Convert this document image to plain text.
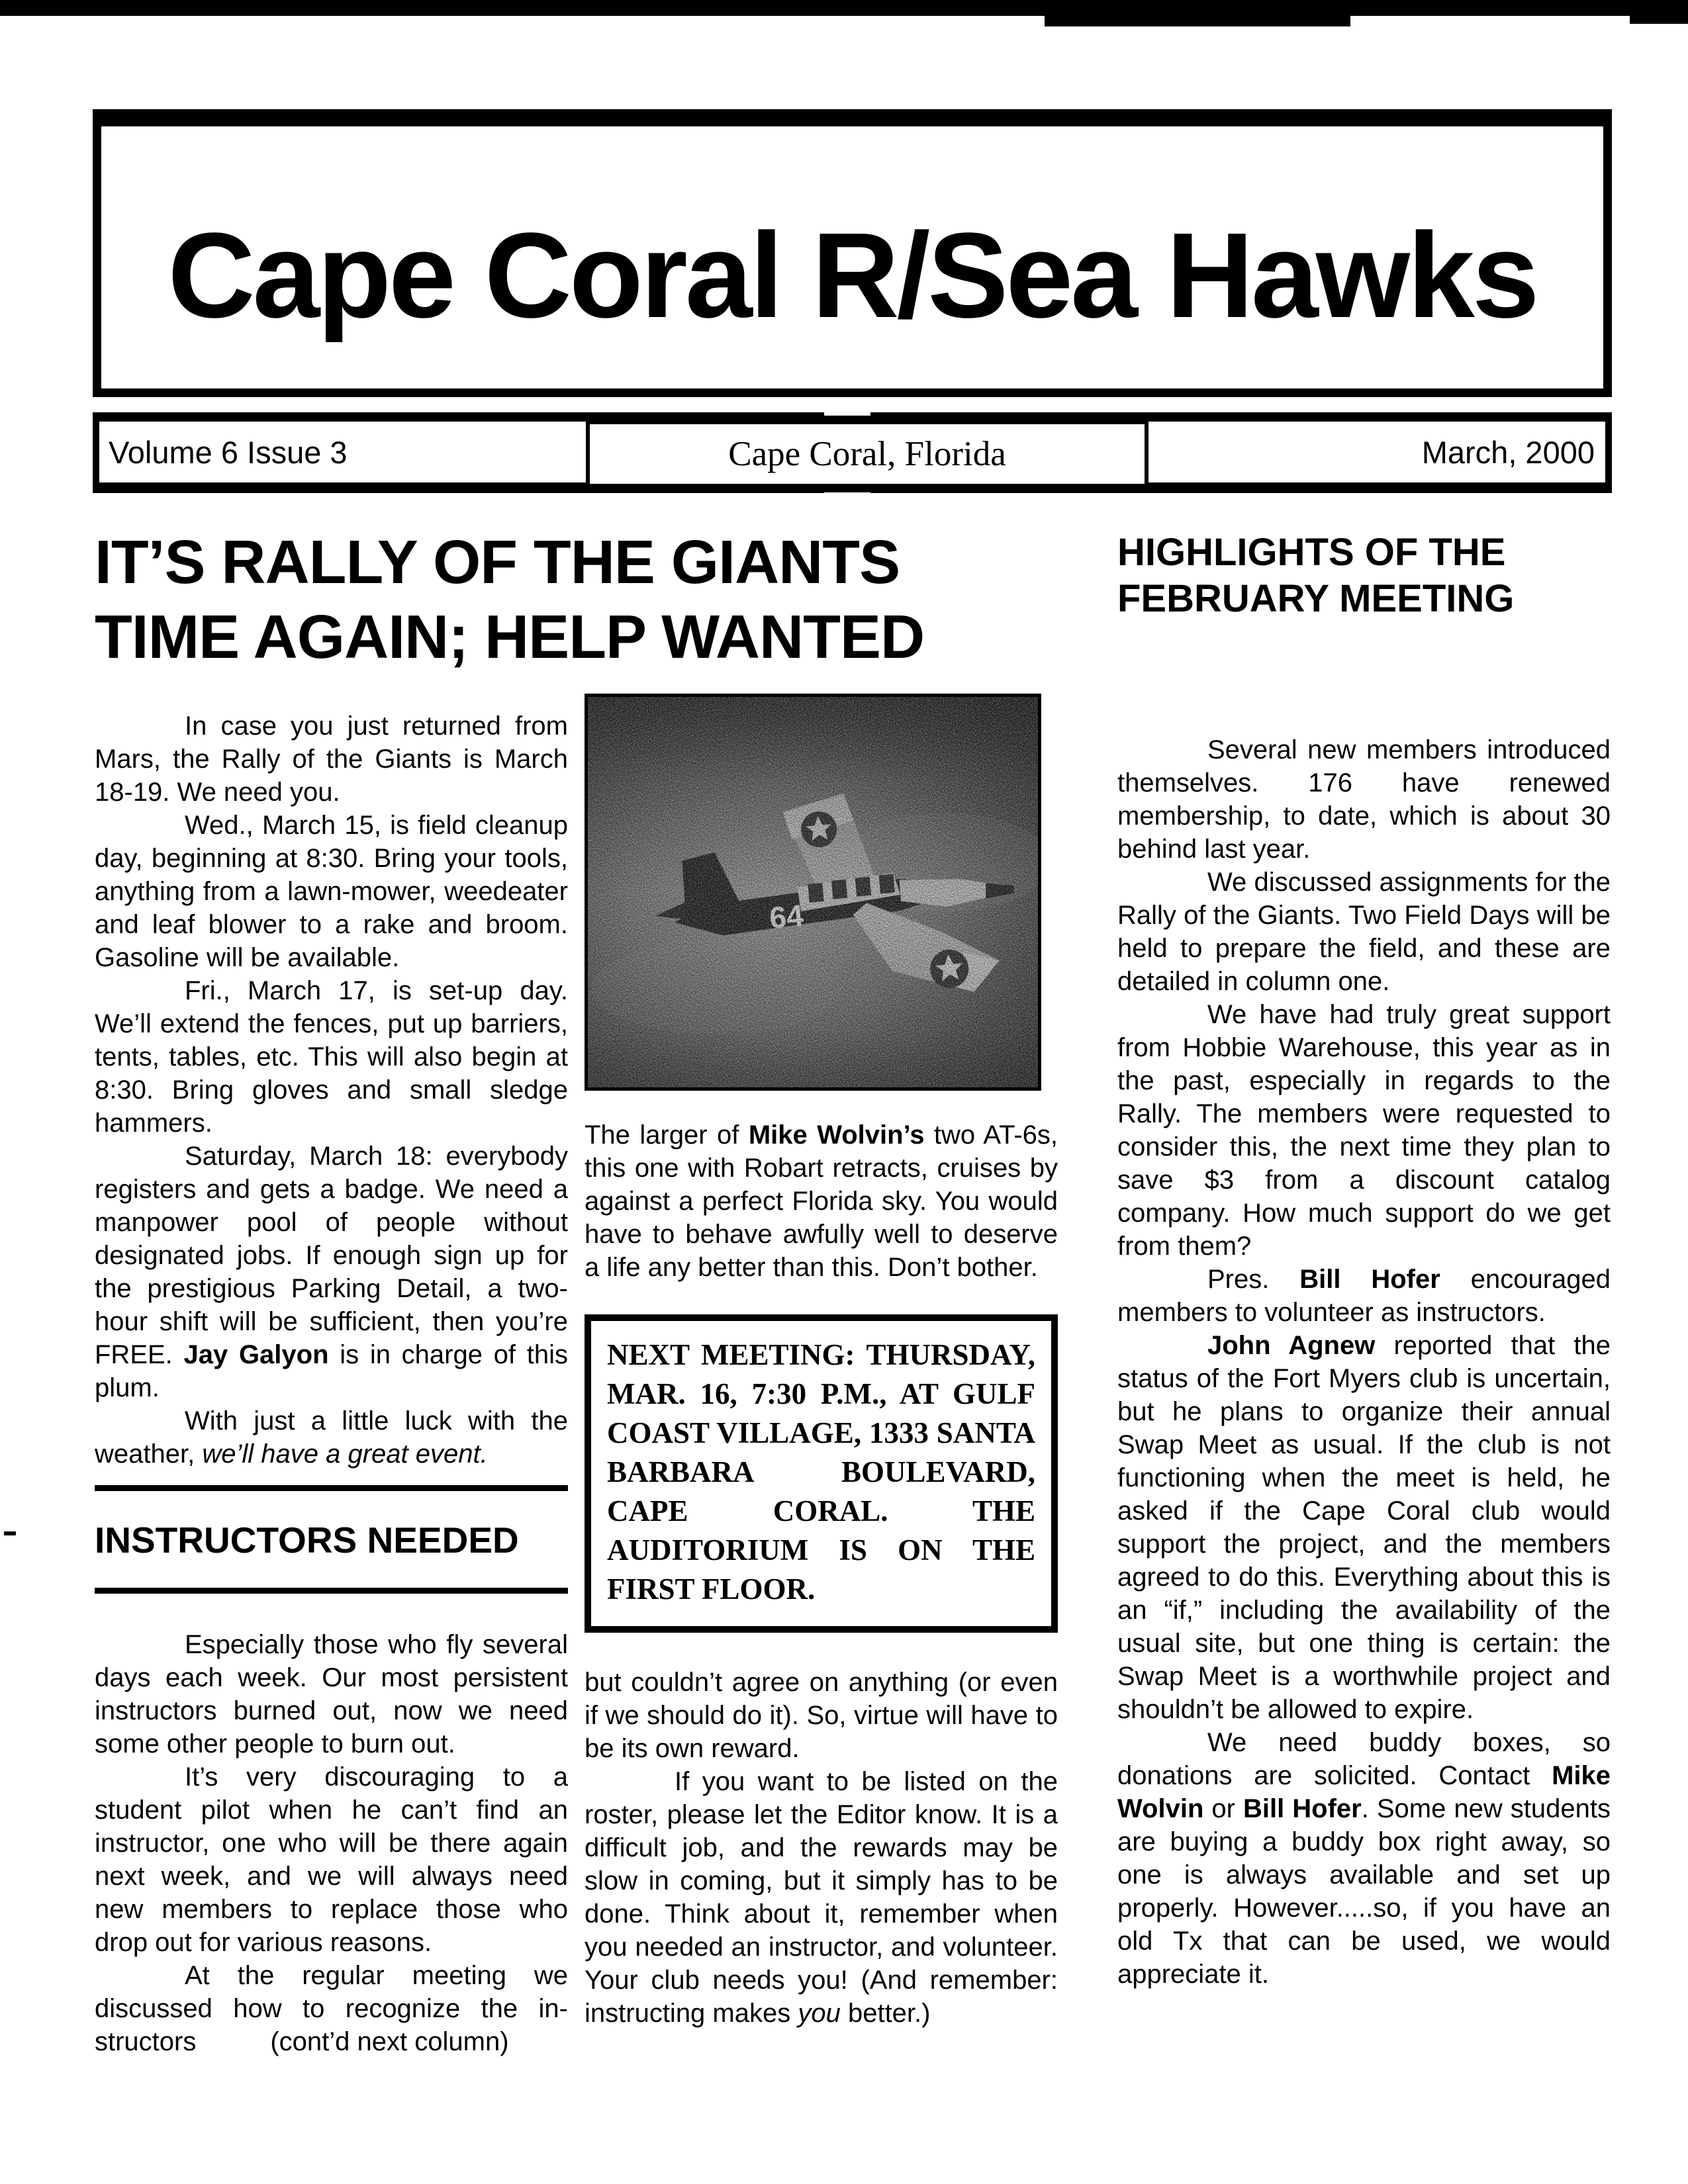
Cape Coral R/Sea Hawks
Volume 6 Issue 3	March, 2000
Cape Coral, Florida
IT’S RALLY OF THE GIANTS
TIME AGAIN; HELP WANTED

In case you just returned from Mars, the Rally of the Giants is March 18-19. We need you.

Wed., March 15, is field cleanup day, beginning at 8:30. Bring your tools, anything from a lawn-mower, weedeater and leaf blower to a rake and broom. Gasoline will be available.

Fri., March 17, is set-up day. We’ll extend the fences, put up barriers, tents, tables, etc. This will also begin at 8:30. Bring gloves and small sledge hammers.

Saturday, March 18: everybody registers and gets a badge. We need a manpower pool of people without designated jobs. If enough sign up for the prestigious Parking Detail, a two-hour shift will be sufficient, then you’re FREE. Jay Galyon is in charge of this plum.

With just a little luck with the weather, we’ll have a great event.

INSTRUCTORS NEEDED

Especially those who fly several days each week. Our most persistent instructors burned out, now we need some other people to burn out.

It’s very discouraging to a student pilot when he can’t find an instructor, one who will be there again next week, and we will always need new members to replace those who drop out for various reasons.

At the regular meeting we discussed how to recognize the in-structors	(cont’d next column)

The larger of Mike Wolvin’s two AT-6s, this one with Robart retracts, cruises by against a perfect Florida sky. You would have to behave awfully well to deserve a life any better than this. Don’t bother.

NEXT MEETING: THURSDAY, MAR. 16, 7:30 P.M., AT GULF COAST VILLAGE, 1333 SANTA BARBARA BOULEVARD, CAPE CORAL. THE AUDITORIUM IS ON THE FIRST FLOOR.

but couldn’t agree on anything (or even if we should do it). So, virtue will have to be its own reward.

If you want to be listed on the roster, please let the Editor know. It is a difficult job, and the rewards may be slow in coming, but it simply has to be done. Think about it, remember when you needed an instructor, and volunteer. Your club needs you! (And remember: instructing makes you better.)

HIGHLIGHTS OF THE
FEBRUARY MEETING

Several new members introduced themselves. 176 have renewed membership, to date, which is about 30 behind last year.

We discussed assignments for the Rally of the Giants. Two Field Days will be held to prepare the field, and these are detailed in column one.

We have had truly great support from Hobbie Warehouse, this year as in the past, especially in regards to the Rally. The members were requested to consider this, the next time they plan to save $3 from a discount catalog company. How much support do we get from them?

Pres. Bill Hofer encouraged members to volunteer as instructors.

John Agnew reported that the status of the Fort Myers club is uncertain, but he plans to organize their annual Swap Meet as usual. If the club is not functioning when the meet is held, he asked if the Cape Coral club would support the project, and the members agreed to do this. Everything about this is an “if,” including the availability of the usual site, but one thing is certain: the Swap Meet is a worthwhile project and shouldn’t be allowed to expire.

We need buddy boxes, so donations are solicited. Contact Mike Wolvin or Bill Hofer. Some new students are buying a buddy box right away, so one is always available and set up properly. However.....so, if you have an old Tx that can be used, we would appreciate it.
